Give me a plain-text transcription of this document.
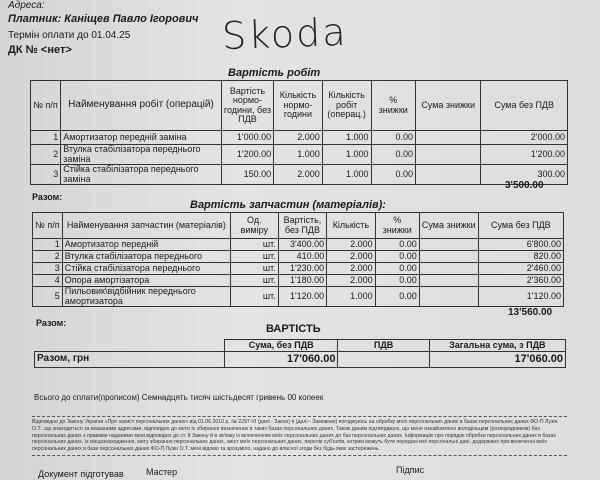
Адреса:
Платник: Каніщев Павло Ігорович
Термін оплати до 01.04.25
ДК № <нет>	Skoda
Вартість робіт
№ п/п	Найменування робіт (операцій)	Вартість нормо-години, без ПДВ	Кількість нормо-години	Кількість робіт (операц.)	% знижки	Сума знижки	Сума без ПДВ
1	Амортизатор передній заміна	1'000.00	2.000	1.000	0.00		2'000.00
2	Втулка стабілізатора переднього заміна	1'200.00	1.000	1.000	0.00		1'200.00
3	Стійка стабілізатора переднього заміна	150.00	2.000	1.000	0.00		300.00
Разом:
3'500.00
Вартість запчастин (матеріалів):
№ п/п	Найменування запчастин (матеріалів)	Од. виміру	Вартість, без ПДВ	Кількість	% знижки	Сума знижки	Сума без ПДВ
1	Амортизатор передній	шт.	3'400.00	2.000	0.00		6'800.00
2	Втулка стабілізатора переднього	шт.	410.00	2.000	0.00		820.00
3	Стійка стабілізатора переднього	шт.	1'230.00	2.000	0.00		2'460.00
4	Опора амортізатора	шт.	1'180.00	2.000	0.00		2'360.00
5	Пильовик\відбійник переднього амортизатора	шт.	1'120.00	1.000	0.00		1'120.00
Разом:
13'560.00
ВАРТІСТЬ
	Сума, без ПДВ	ПДВ	Загальна сума, з ПДВ
Разом, грн	17'060.00		17'060.00
Всього до сплати(прописом) Семнадцять тисяч шістьдесят гривень 00 копеек
Відповідно до Закону України «Про захист персональних даних» від 01.06.2010 р. № 2297-VI (далі - Закон) я (далі - Замовник) погоджуюсь на обробку моїх персональних даних в базах персональних даних ФО-П Лузін О.Т., що знаходяться за вказаними адресами, відповідно до мети їх збирання визначених в таких базах персональних даних. Також даним підтверджую, що мене ознайомлено володільцем (розпорядником) баз персональних даних з правами наданими мені відповідно до ст. 8 Закону й в зв'язку із включенням моїх персональних даних до баз персональних даних. Інформацію про порядок обробки персональних даних в базах персональних даних, їх місцезнаходження, мету збирання персональних даних, зміст моїх персональних даних, перелік суб'єктів, котрим можуть бути передані мої персональні дані, додержано при включенні моїх персональних даних в бази персональних даних ФО-П Лузін О.Т. мені відомо та зрозуміло, надано до власної згоди без будь-яких застережень.
Документ підготував Мастер	Підпис
